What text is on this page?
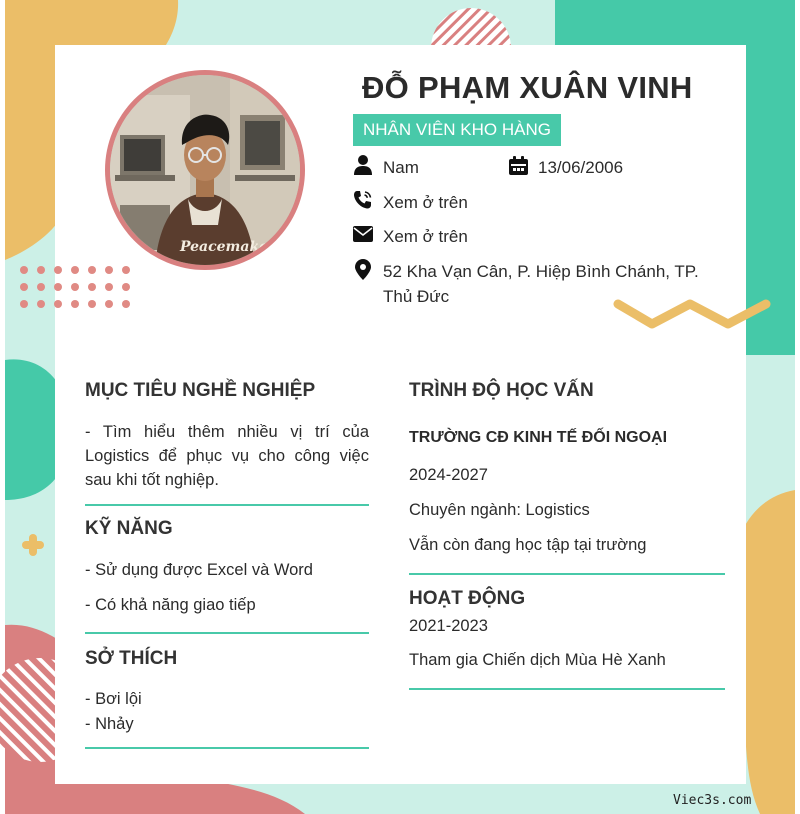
Peacemaker
ĐỖ PHẠM XUÂN VINH
NHÂN VIÊN KHO HÀNG
Nam	13/06/2006
Xem ở trên
Xem ở trên
52 Kha Vạn Cân, P. Hiệp Bình Chánh, TP.
Thủ Đức
MỤC TIÊU NGHỀ NGHIỆP
- Tìm hiểu thêm nhiều vị trí của
Logistics để phục vụ cho công việc
sau khi tốt nghiệp.
KỸ NĂNG
- Sử dụng được Excel và Word
- Có khả năng giao tiếp
SỞ THÍCH
- Bơi lội
- Nhảy
TRÌNH ĐỘ HỌC VẤN
TRƯỜNG CĐ KINH TẾ ĐỐI NGOẠI
2024-2027
Chuyên ngành: Logistics
Vẫn còn đang học tập tại trường
HOẠT ĐỘNG
2021-2023
Tham gia Chiến dịch Mùa Hè Xanh
Viec3s.com
